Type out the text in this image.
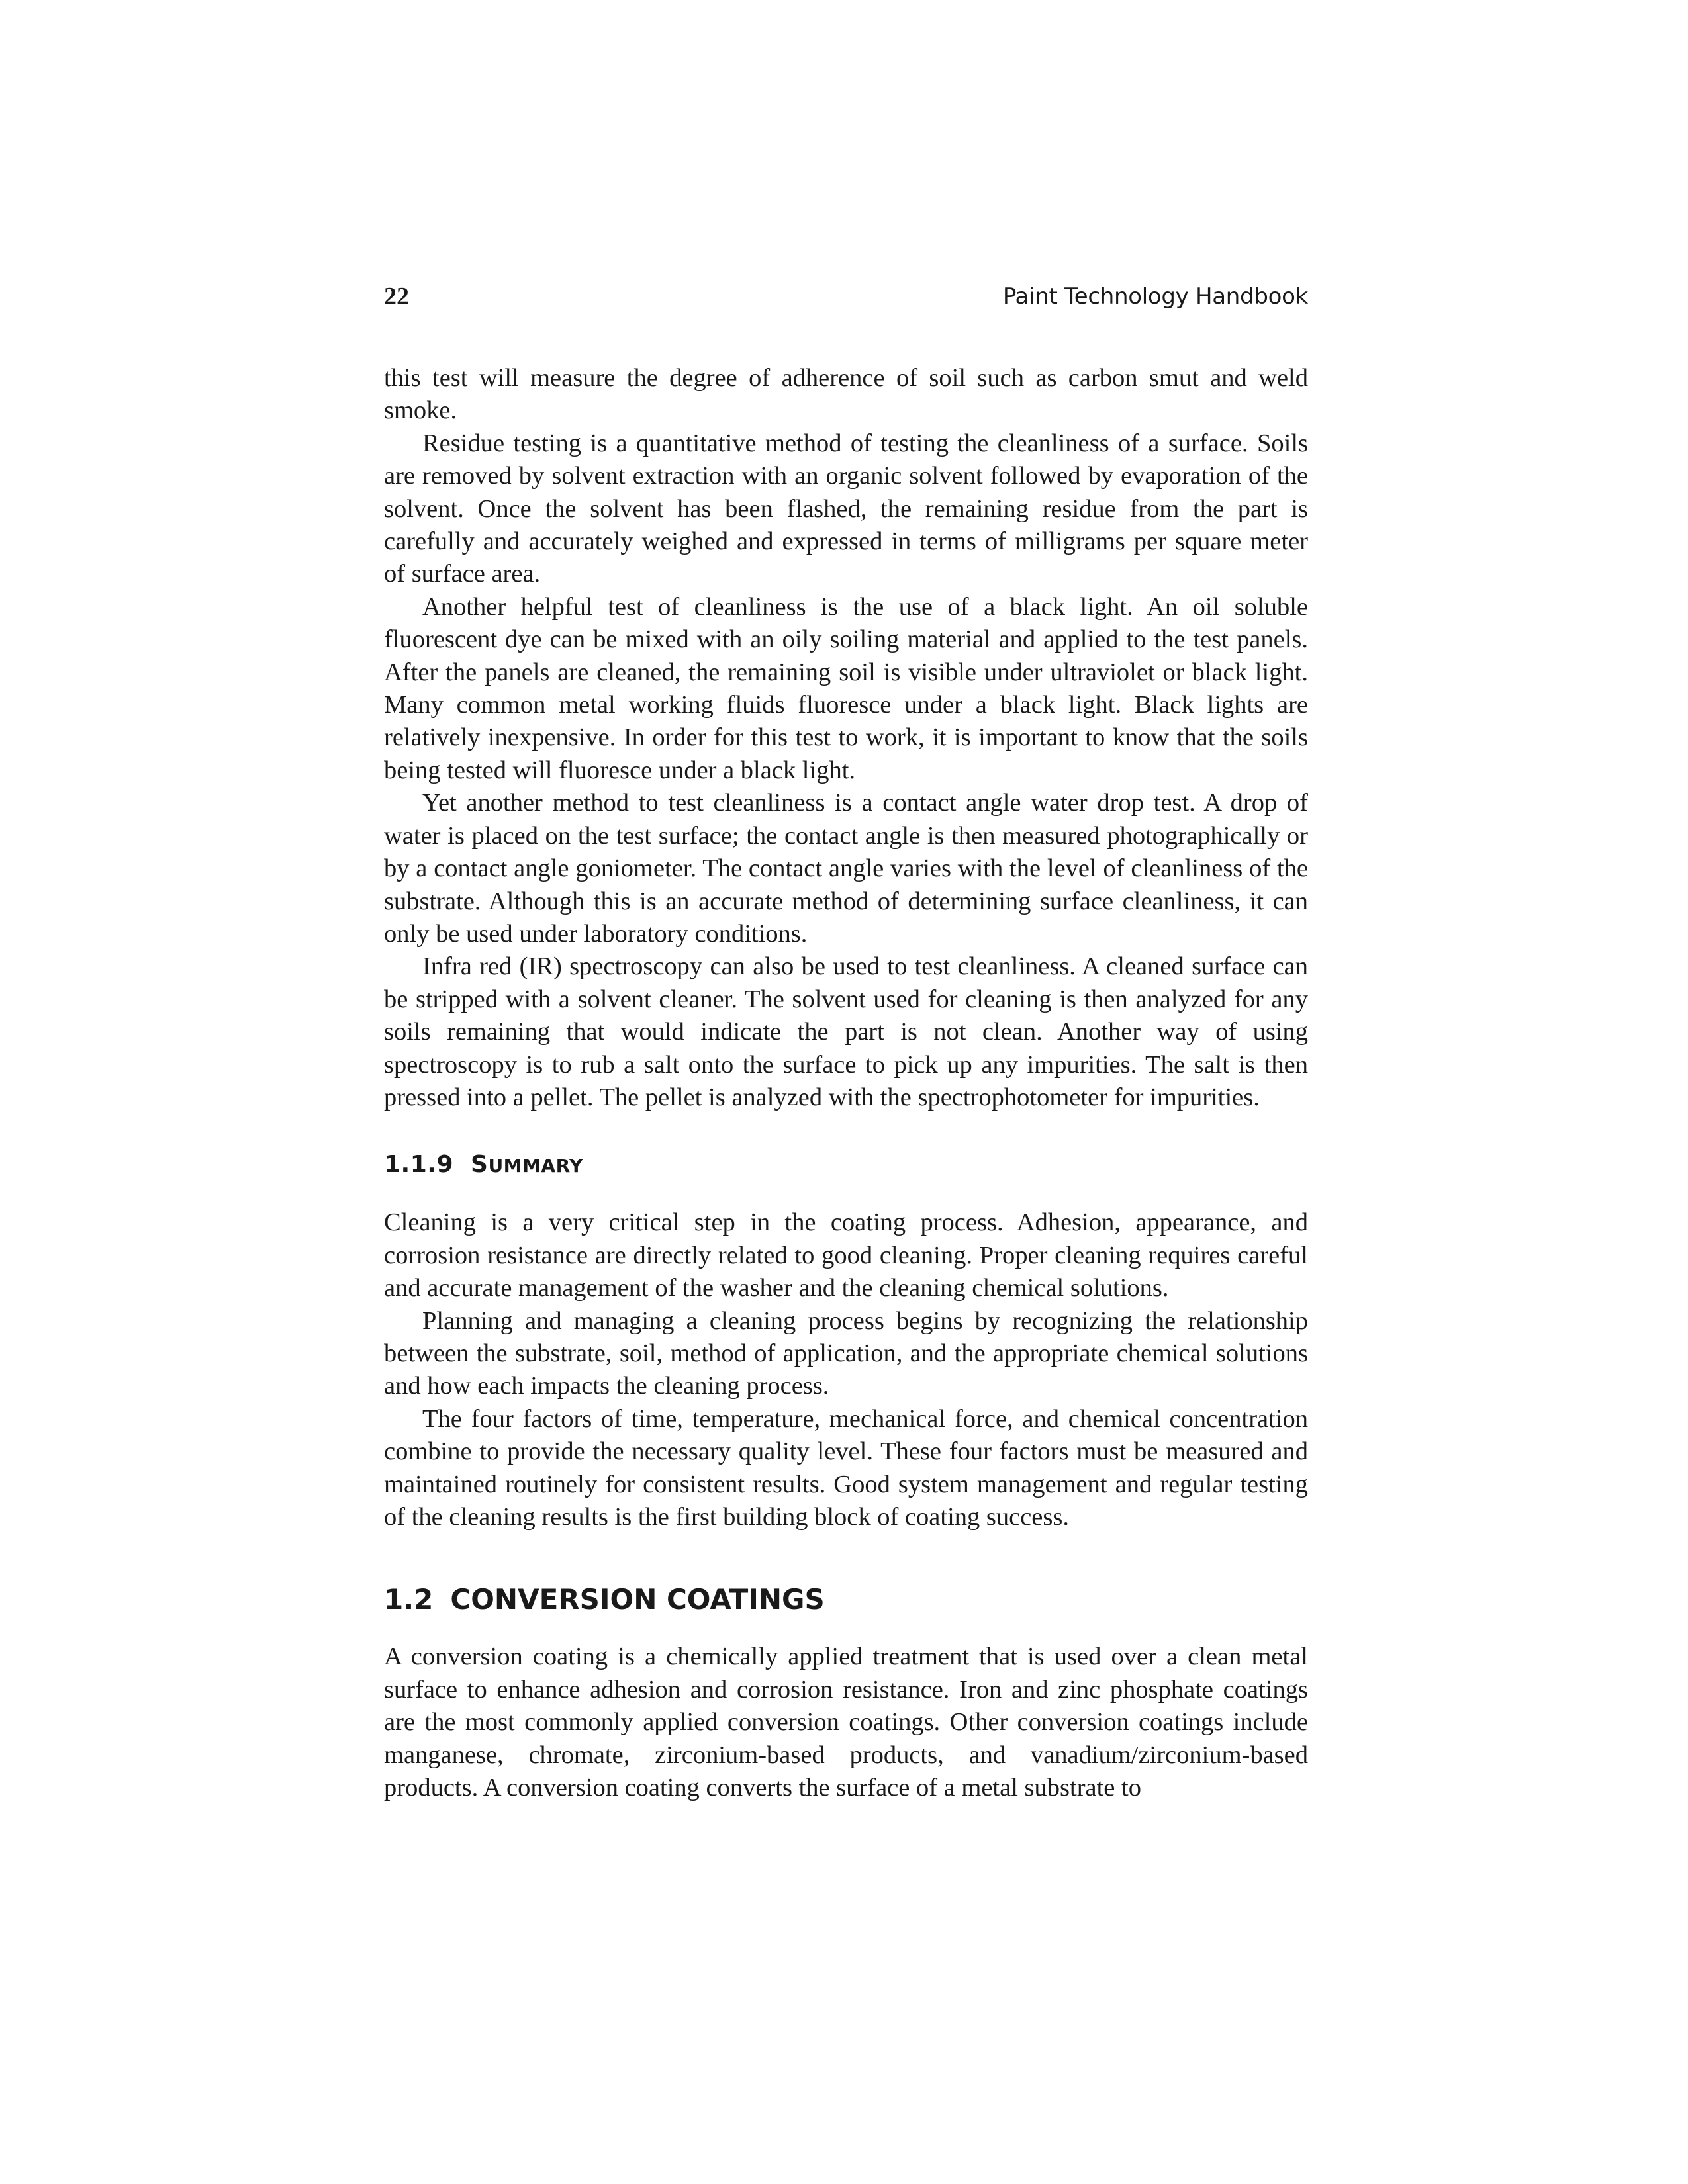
22	Paint Technology Handbook

this test will measure the degree of adherence of soil such as carbon smut and weld smoke.

Residue testing is a quantitative method of testing the cleanliness of a surface. Soils are removed by solvent extraction with an organic solvent followed by evaporation of the solvent. Once the solvent has been flashed, the remaining residue from the part is carefully and accurately weighed and expressed in terms of milligrams per square meter of surface area.

Another helpful test of cleanliness is the use of a black light. An oil soluble fluorescent dye can be mixed with an oily soiling material and applied to the test panels. After the panels are cleaned, the remaining soil is visible under ultraviolet or black light. Many common metal working fluids fluoresce under a black light. Black lights are relatively inexpensive. In order for this test to work, it is important to know that the soils being tested will fluoresce under a black light.

Yet another method to test cleanliness is a contact angle water drop test. A drop of water is placed on the test surface; the contact angle is then measured photographically or by a contact angle goniometer. The contact angle varies with the level of cleanliness of the substrate. Although this is an accurate method of determining surface cleanliness, it can only be used under laboratory conditions.

Infra red (IR) spectroscopy can also be used to test cleanliness. A cleaned surface can be stripped with a solvent cleaner. The solvent used for cleaning is then analyzed for any soils remaining that would indicate the part is not clean. Another way of using spectroscopy is to rub a salt onto the surface to pick up any impurities. The salt is then pressed into a pellet. The pellet is analyzed with the spectrophotometer for impurities.

1.1.9 SUMMARY

Cleaning is a very critical step in the coating process. Adhesion, appearance, and corrosion resistance are directly related to good cleaning. Proper cleaning requires careful and accurate management of the washer and the cleaning chemical solutions.

Planning and managing a cleaning process begins by recognizing the relationship between the substrate, soil, method of application, and the appropriate chemical solutions and how each impacts the cleaning process.

The four factors of time, temperature, mechanical force, and chemical concentration combine to provide the necessary quality level. These four factors must be measured and maintained routinely for consistent results. Good system management and regular testing of the cleaning results is the first building block of coating success.

1.2 CONVERSION COATINGS

A conversion coating is a chemically applied treatment that is used over a clean metal surface to enhance adhesion and corrosion resistance. Iron and zinc phosphate coatings are the most commonly applied conversion coatings. Other conversion coatings include manganese, chromate, zirconium-based products, and vanadium/zirconium-based products. A conversion coating converts the surface of a metal substrate to
